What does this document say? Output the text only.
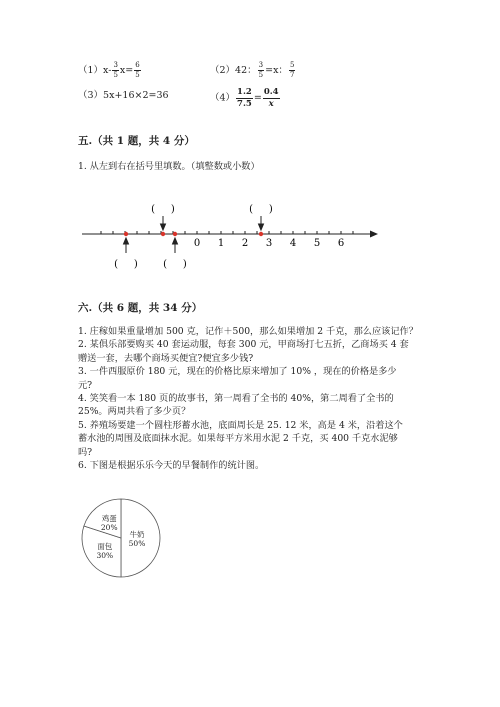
$(1)x- \frac{3}{5} x= \frac{6}{5}$	（2）42： $\frac{3}{5} =x$： $\frac{5}{7}$
（3）5x+16×2=36	$(4) \frac{1.2}{7.5} = \frac{0.4}{x}$
五.（共 1 题，共 4 分）
1. 从左到右在括号里填数。（填整数或小数）
(     )	(     )
(     )	(     )
0 1 2 3 4 5 6
六.（共 6 题，共 34 分）

1. 庄稼如果重量增加 500 克，记作＋500，那么如果增加 2 千克，那么应该记作？

2. 某俱乐部要购买 40 套运动服，每套 300 元，甲商场打七五折，乙商场买 4 套

赠送一套，去哪个商场买便宜?便宜多少钱?

3. 一件西服原价 180 元，现在的价格比原来增加了 10% ，现在的价格是多少

元?

4. 笑笑看一本 180 页的故事书，第一周看了全书的 40%，第二周看了全书的

25%。两周共看了多少页？

5. 养殖场要建一个圆柱形蓄水池，底面周长是 25. 12 米，高是 4 米，沿着这个

蓄水池的周围及底面抹水泥。如果每平方米用水泥 2 千克，买 400 千克水泥够

吗?

6. 下图是根据乐乐今天的早餐制作的统计图。

牛奶
50%
面包
30%
鸡蛋
20%
